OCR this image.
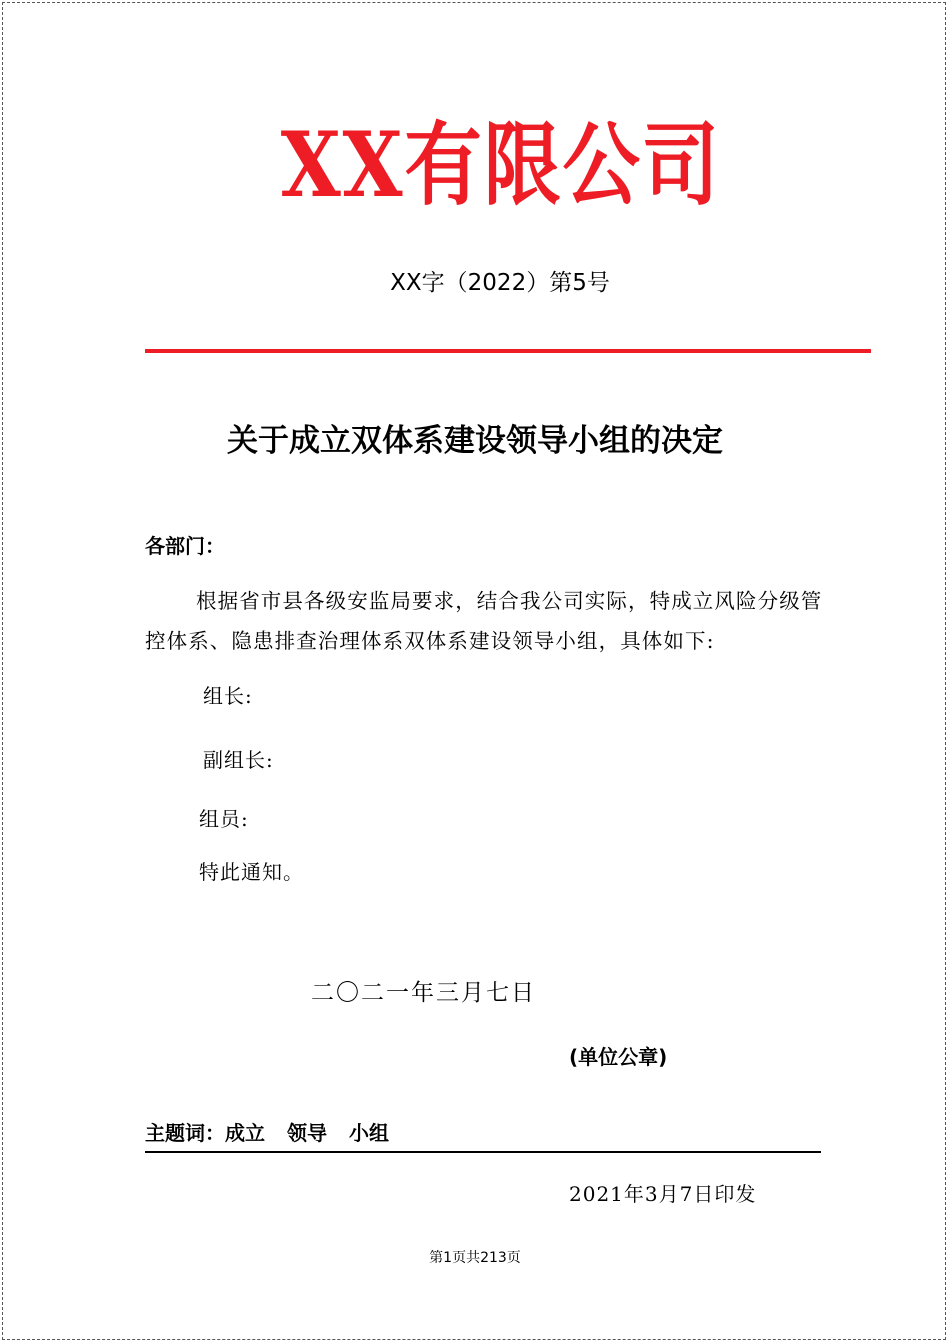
XX有限公司
XX字（2022）第5号
关于成立双体系建设领导小组的决定
各部门：
根据省市县各级安监局要求，结合我公司实际，特成立风险分级管控体系、隐患排查治理体系双体系建设领导小组，具体如下:
组长:
副组长:
组员:
特此通知。
二〇二一年三月七日
(单位公章)
主题词：成立 领导 小组
2021年3月7日印发
第1页共213页
